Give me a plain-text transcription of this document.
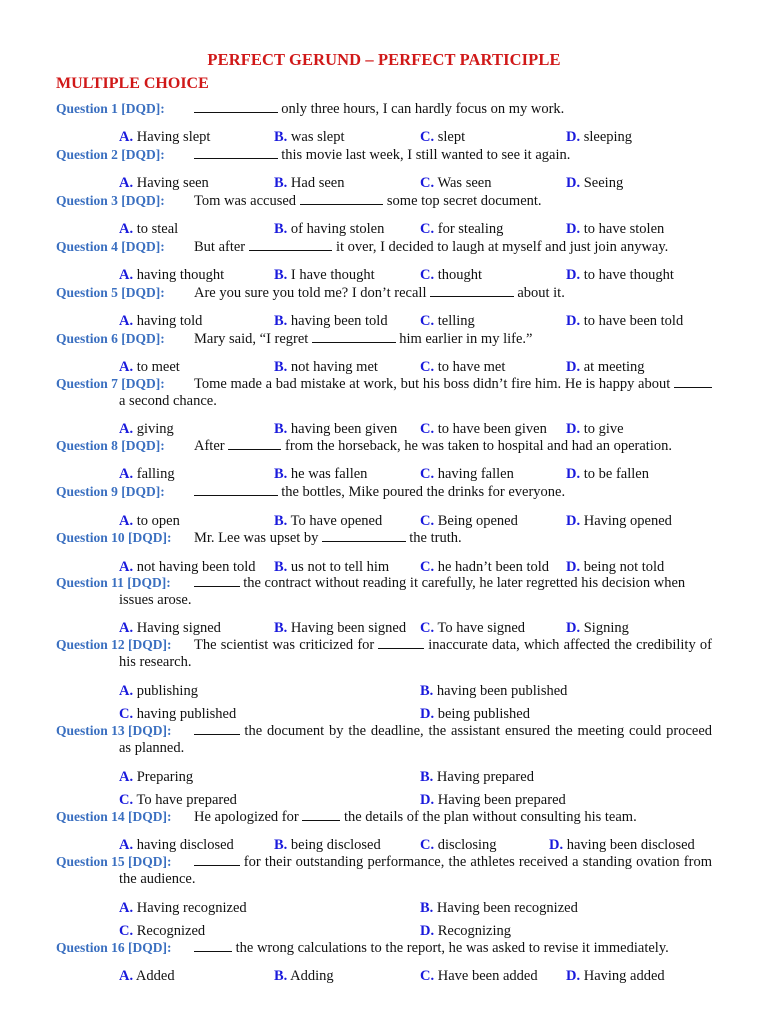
PERFECT GERUND – PERFECT PARTICIPLE
MULTIPLE CHOICE
Question 1 [DQD]:	only three hours, I can hardly focus on my work.
A. Having slept	B. was slept	C. slept	D. sleeping
Question 2 [DQD]:	this movie last week, I still wanted to see it again.
A. Having seen	B. Had seen	C. Was seen	D. Seeing
Question 3 [DQD]: Tom was accused	some top secret document.
A. to steal	B. of having stolen C. for stealing	D. to have stolen
Question 4 [DQD]: But after	it over, I decided to laugh at myself and just join anyway.
A. having thought	B. I have thought	C. thought	D. to have thought
Question 5 [DQD]: Are you sure you told me? I don’t recall	about it.
A. having told	B. having been told C. telling	D. to have been told
Question 6 [DQD]: Mary said, “I regret	him earlier in my life.”
A. to meet	B. not having met	C. to have met	D. at meeting
Question 7 [DQD]:	Tome made a bad mistake at work, but his boss didn’t fire him. He is happy about  a second chance.
A. giving	B. having been given C. to have been given D. to give
Question 8 [DQD]: After	from the horseback, he was taken to hospital and had an operation.
A. falling	B. he was fallen	C. having fallen	D. to be fallen
Question 9 [DQD]:	the bottles, Mike poured the drinks for everyone.
A. to open	B. To have opened	C. Being opened	D. Having opened
Question 10 [DQD]: Mr. Lee was upset by	the truth.
A. not having been told B. us not to tell him C. he hadn’t been told D. being not told
Question 11 [DQD]:	the contract without reading it carefully, he later regretted his decision when issues arose.
A. Having signed	B. Having been signed C. To have signed	D. Signing
Question 12 [DQD]:	The scientist was criticized for	inaccurate data, which affected the credibility of his research.
A. publishing	B. having been published
C. having published	D. being published
Question 13 [DQD]:	the document by the deadline, the assistant ensured the meeting could proceed as planned.
A. Preparing	B. Having prepared
C. To have prepared	D. Having been prepared
Question 14 [DQD]: He apologized for	the details of the plan without consulting his team.
A. having disclosed	B. being disclosed	C. disclosing	D. having been disclosed
Question 15 [DQD]:	for their outstanding performance, the athletes received a standing ovation from the audience.
A. Having recognized	B. Having been recognized
C. Recognized	D. Recognizing
Question 16 [DQD]:	the wrong calculations to the report, he was asked to revise it immediately.
A. Added	B. Adding	C. Have been added D. Having added
